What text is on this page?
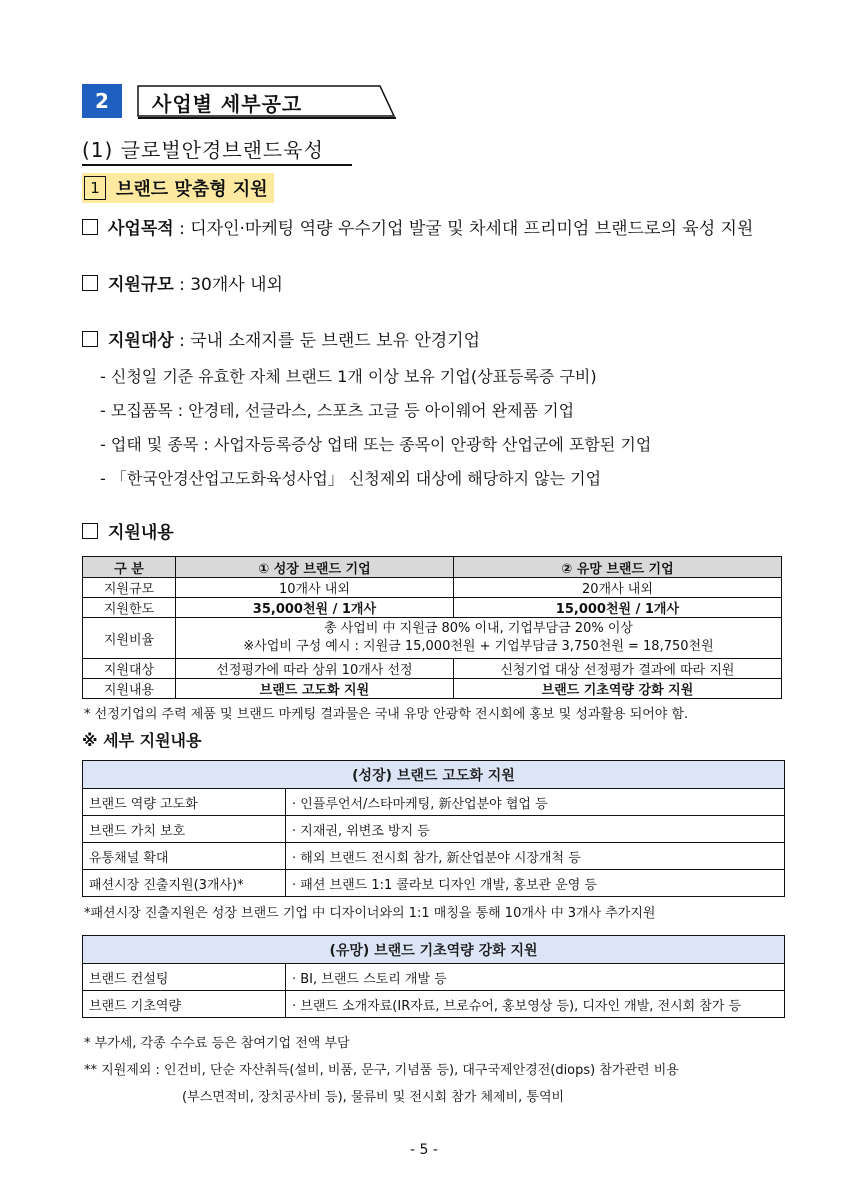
2	사업별 세부공고
(1) 글로벌안경브랜드육성
1 브랜드 맞춤형 지원
사업목적 : 디자인·마케팅 역량 우수기업 발굴 및 차세대 프리미엄 브랜드로의 육성 지원
지원규모 : 30개사 내외
지원대상 : 국내 소재지를 둔 브랜드 보유 안경기업
- 신청일 기준 유효한 자체 브랜드 1개 이상 보유 기업(상표등록증 구비)
- 모집품목 : 안경테, 선글라스, 스포츠 고글 등 아이웨어 완제품 기업
- 업태 및 종목 : 사업자등록증상 업태 또는 종목이 안광학 산업군에 포함된 기업
- 「한국안경산업고도화육성사업」 신청제외 대상에 해당하지 않는 기업
지원내용
구 분	① 성장 브랜드 기업	② 유망 브랜드 기업
지원규모	10개사 내외	20개사 내외
지원한도	35,000천원 / 1개사	15,000천원 / 1개사
지원비율	총 사업비 中 지원금 80% 이내, 기업부담금 20% 이상
※사업비 구성 예시 : 지원금 15,000천원 + 기업부담금 3,750천원 = 18,750천원	

지원대상	선정평가에 따라 상위 10개사 선정	신청기업 대상 선정평가 결과에 따라 지원
지원내용	브랜드 고도화 지원	브랜드 기초역량 강화 지원
* 선정기업의 주력 제품 및 브랜드 마케팅 결과물은 국내 유망 안광학 전시회에 홍보 및 성과활용 되어야 함.
※ 세부 지원내용
(성장) 브랜드 고도화 지원	
브랜드 역량 고도화	· 인플루언서/스타마케팅, 新산업분야 협업 등
브랜드 가치 보호	· 지재권, 위변조 방지 등
유통채널 확대	· 해외 브랜드 전시회 참가, 新산업분야 시장개척 등
패션시장 진출지원(3개사)*	· 패션 브랜드 1:1 콜라보 디자인 개발, 홍보관 운영 등
*패션시장 진출지원은 성장 브랜드 기업 中 디자이너와의 1:1 매칭을 통해 10개사 中 3개사 추가지원
(유망) 브랜드 기초역량 강화 지원	
브랜드 컨설팅	· BI, 브랜드 스토리 개발 등
브랜드 기초역량	· 브랜드 소개자료(IR자료, 브로슈어, 홍보영상 등), 디자인 개발, 전시회 참가 등
* 부가세, 각종 수수료 등은 참여기업 전액 부담
** 지원제외 : 인건비, 단순 자산취득(설비, 비품, 문구, 기념품 등), 대구국제안경전(diops) 참가관련 비용
(부스면적비, 장치공사비 등), 물류비 및 전시회 참가 체제비, 통역비
- 5 -
